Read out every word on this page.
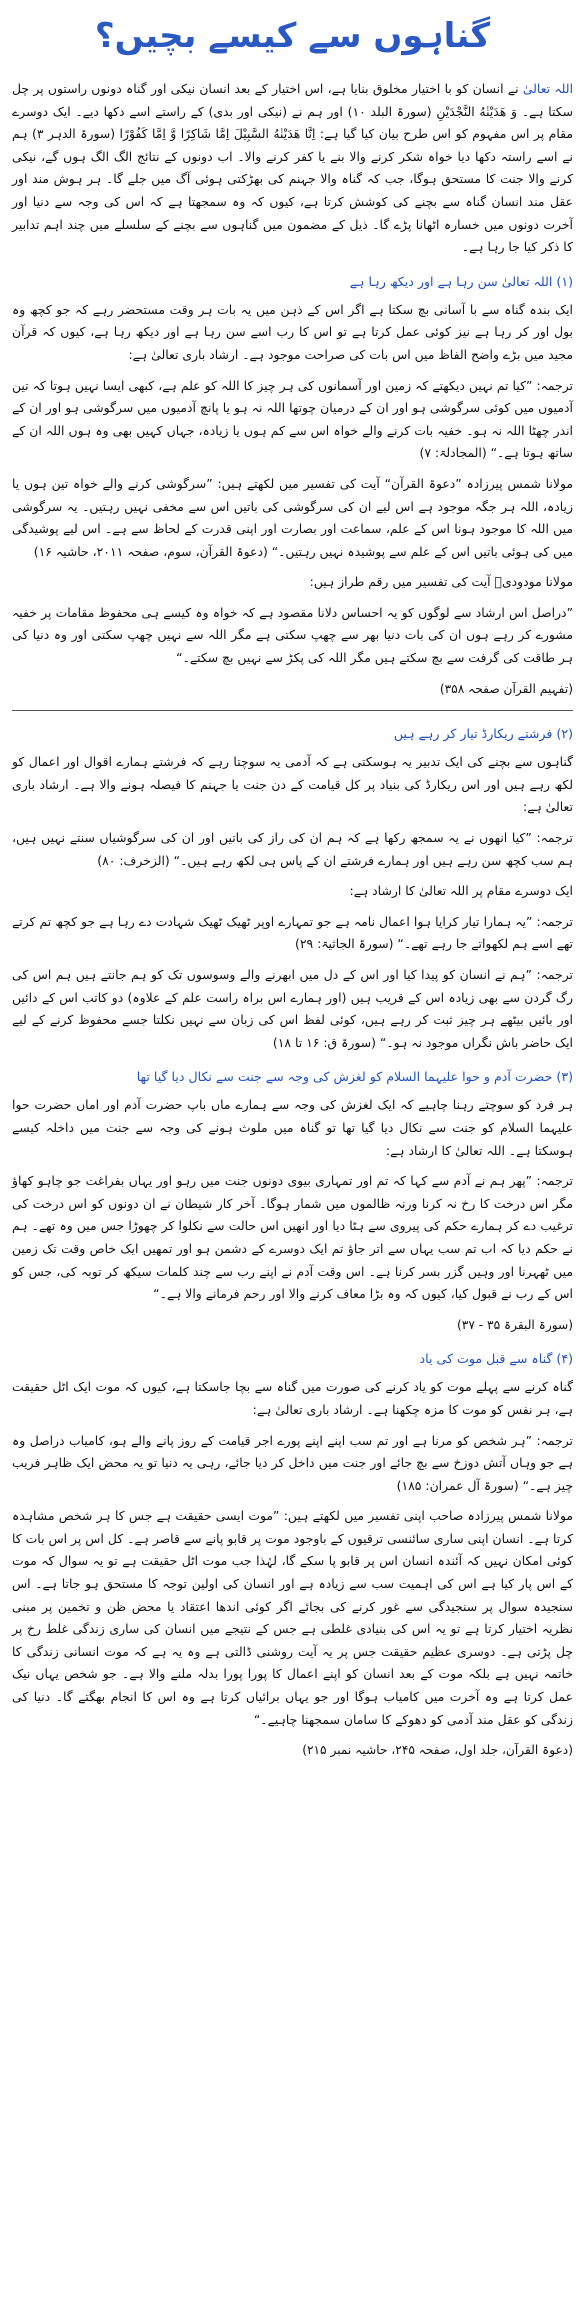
گناہوں سے کیسے بچیں؟

اللہ تعالیٰ نے انسان کو با اختیار مخلوق بنایا ہے، اس اختیار کے بعد انسان نیکی اور گناہ دونوں راستوں پر چل سکتا ہے۔ وَ هَدَیْنٰهُ النَّجْدَیْنِ (سورۃ البلد ۱۰) اور ہم نے (نیکی اور بدی) کے راستے اسے دکھا دیے۔ ایک دوسرے مقام پر اس مفہوم کو اس طرح بیان کیا گیا ہے: اِنَّا هَدَیْنٰهُ السَّبِیْلَ اِمَّا شَاكِرًا وَّ اِمَّا كَفُوْرًا (سورۃ الدہر ۳) ہم نے اسے راستہ دکھا دیا خواہ شکر کرنے والا بنے یا کفر کرنے والا۔ اب دونوں کے نتائج الگ الگ ہوں گے، نیکی کرنے والا جنت کا مستحق ہوگا، جب کہ گناہ والا جہنم کی بھڑکتی ہوئی آگ میں جلے گا۔ ہر ہوش مند اور عقل مند انسان گناہ سے بچنے کی کوشش کرتا ہے، کیوں کہ وہ سمجھتا ہے کہ اس کی وجہ سے دنیا اور آخرت دونوں میں خسارہ اٹھانا پڑے گا۔ ذیل کے مضمون میں گناہوں سے بچنے کے سلسلے میں چند اہم تدابیر کا ذکر کیا جا رہا ہے۔

(۱) اللہ تعالیٰ سن رہا ہے اور دیکھ رہا ہے

ایک بندہ گناہ سے با آسانی بچ سکتا ہے اگر اس کے ذہن میں یہ بات ہر وقت مستحضر رہے کہ جو کچھ وہ بول اور کر رہا ہے نیز کوئی عمل کرتا ہے تو اس کا رب اسے سن رہا ہے اور دیکھ رہا ہے، کیوں کہ قرآن مجید میں بڑے واضح الفاظ میں اس بات کی صراحت موجود ہے۔ ارشاد باری تعالیٰ ہے:

ترجمہ: ”کیا تم نہیں دیکھتے کہ زمین اور آسمانوں کی ہر چیز کا اللہ کو علم ہے، کبھی ایسا نہیں ہوتا کہ تین آدمیوں میں کوئی سرگوشی ہو اور ان کے درمیان چوتھا اللہ نہ ہو یا پانچ آدمیوں میں سرگوشی ہو اور ان کے اندر چھٹا اللہ نہ ہو۔ خفیہ بات کرنے والے خواہ اس سے کم ہوں یا زیادہ، جہاں کہیں بھی وہ ہوں اللہ ان کے ساتھ ہوتا ہے۔“ (المجادلۃ: ۷)

مولانا شمس پیرزادہ ”دعوۃ القرآن“ آیت کی تفسیر میں لکھتے ہیں: ”سرگوشی کرنے والے خواہ تین ہوں یا زیادہ، اللہ ہر جگہ موجود ہے اس لیے ان کی سرگوشی کی باتیں اس سے مخفی نہیں رہتیں۔ یہ سرگوشی میں اللہ کا موجود ہونا اس کے علم، سماعت اور بصارت اور اپنی قدرت کے لحاظ سے ہے۔ اس لیے پوشیدگی میں کی ہوئی باتیں اس کے علم سے پوشیدہ نہیں رہتیں۔“ (دعوۃ القرآن، سوم، صفحہ ۲۰۱۱، حاشیہ ۱۶)

مولانا مودودیؒ آیت کی تفسیر میں رقم طراز ہیں:

”دراصل اس ارشاد سے لوگوں کو یہ احساس دلانا مقصود ہے کہ خواہ وہ کیسے ہی محفوظ مقامات پر خفیہ مشورے کر رہے ہوں ان کی بات دنیا بھر سے چھپ سکتی ہے مگر اللہ سے نہیں چھپ سکتی اور وہ دنیا کی ہر طاقت کی گرفت سے بچ سکتے ہیں مگر اللہ کی پکڑ سے نہیں بچ سکتے۔“

(تفہیم القرآن صفحہ ۳۵۸)

(۲) فرشتے ریکارڈ تیار کر رہے ہیں

گناہوں سے بچنے کی ایک تدبیر یہ ہوسکتی ہے کہ آدمی یہ سوچتا رہے کہ فرشتے ہمارے اقوال اور اعمال کو لکھ رہے ہیں اور اس ریکارڈ کی بنیاد پر کل قیامت کے دن جنت یا جہنم کا فیصلہ ہونے والا ہے۔ ارشاد باری تعالیٰ ہے:

ترجمہ: ”کیا انھوں نے یہ سمجھ رکھا ہے کہ ہم ان کی راز کی باتیں اور ان کی سرگوشیاں سنتے نہیں ہیں، ہم سب کچھ سن رہے ہیں اور ہمارے فرشتے ان کے پاس ہی لکھ رہے ہیں۔“ (الزخرف: ۸۰)

ایک دوسرے مقام پر اللہ تعالیٰ کا ارشاد ہے:

ترجمہ: ”یہ ہمارا تیار کرایا ہوا اعمال نامہ ہے جو تمہارے اوپر ٹھیک ٹھیک شہادت دے رہا ہے جو کچھ تم کرتے تھے اسے ہم لکھواتے جا رہے تھے۔“ (سورۃ الجاثیۃ: ۲۹)

ترجمہ: ”ہم نے انسان کو پیدا کیا اور اس کے دل میں ابھرنے والے وسوسوں تک کو ہم جانتے ہیں ہم اس کی رگ گردن سے بھی زیادہ اس کے قریب ہیں (اور ہمارے اس براہ راست علم کے علاوہ) دو کاتب اس کے دائیں اور بائیں بیٹھے ہر چیز ثبت کر رہے ہیں، کوئی لفظ اس کی زبان سے نہیں نکلتا جسے محفوظ کرنے کے لیے ایک حاضر باش نگراں موجود نہ ہو۔“ (سورۃ ق: ۱۶ تا ۱۸)

(۳) حضرت آدم و حوا علیہما السلام کو لغزش کی وجہ سے جنت سے نکال دیا گیا تھا

ہر فرد کو سوچتے رہنا چاہیے کہ ایک لغزش کی وجہ سے ہمارے ماں باپ حضرت آدم اور اماں حضرت حوا علیہما السلام کو جنت سے نکال دیا گیا تھا تو گناہ میں ملوث ہونے کی وجہ سے جنت میں داخلہ کیسے ہوسکتا ہے۔ اللہ تعالیٰ کا ارشاد ہے:

ترجمہ: ”پھر ہم نے آدم سے کہا کہ تم اور تمہاری بیوی دونوں جنت میں رہو اور یہاں بفراغت جو چاہو کھاؤ مگر اس درخت کا رخ نہ کرنا ورنہ ظالموں میں شمار ہوگا۔ آخر کار شیطان نے ان دونوں کو اس درخت کی ترغیب دے کر ہمارے حکم کی پیروی سے ہٹا دیا اور انھیں اس حالت سے نکلوا کر چھوڑا جس میں وہ تھے۔ ہم نے حکم دیا کہ اب تم سب یہاں سے اتر جاؤ تم ایک دوسرے کے دشمن ہو اور تمھیں ایک خاص وقت تک زمین میں ٹھہرنا اور وہیں گزر بسر کرنا ہے۔ اس وقت آدم نے اپنے رب سے چند کلمات سیکھ کر توبہ کی، جس کو اس کے رب نے قبول کیا، کیوں کہ وہ بڑا معاف کرنے والا اور رحم فرمانے والا ہے۔“

(سورۃ البقرۃ ۳۵ - ۳۷)

(۴) گناہ سے قبل موت کی یاد

گناہ کرنے سے پہلے موت کو یاد کرنے کی صورت میں گناہ سے بچا جاسکتا ہے، کیوں کہ موت ایک اٹل حقیقت ہے، ہر نفس کو موت کا مزہ چکھنا ہے۔ ارشاد باری تعالیٰ ہے:

ترجمہ: ”ہر شخص کو مرنا ہے اور تم سب اپنے اپنے پورے اجر قیامت کے روز پانے والے ہو، کامیاب دراصل وہ ہے جو وہاں آتش دوزخ سے بچ جائے اور جنت میں داخل کر دیا جائے، رہی یہ دنیا تو یہ محض ایک ظاہر فریب چیز ہے۔“ (سورۃ آل عمران: ۱۸۵)

مولانا شمس پیرزادہ صاحب اپنی تفسیر میں لکھتے ہیں: ”موت ایسی حقیقت ہے جس کا ہر شخص مشاہدہ کرتا ہے۔ انسان اپنی ساری سائنسی ترقیوں کے باوجود موت پر قابو پانے سے قاصر ہے۔ کل اس پر اس بات کا کوئی امکان نہیں کہ آئندہ انسان اس پر قابو پا سکے گا، لہٰذا جب موت اٹل حقیقت ہے تو یہ سوال کہ موت کے اس پار کیا ہے اس کی اہمیت سب سے زیادہ ہے اور انسان کی اولین توجہ کا مستحق ہو جاتا ہے۔ اس سنجیدہ سوال پر سنجیدگی سے غور کرنے کی بجائے اگر کوئی اندھا اعتقاد یا محض ظن و تخمین پر مبنی نظریہ اختیار کرتا ہے تو یہ اس کی بنیادی غلطی ہے جس کے نتیجے میں انسان کی ساری زندگی غلط رخ پر چل پڑتی ہے۔ دوسری عظیم حقیقت جس پر یہ آیت روشنی ڈالتی ہے وہ یہ ہے کہ موت انسانی زندگی کا خاتمہ نہیں ہے بلکہ موت کے بعد انسان کو اپنے اعمال کا پورا پورا بدلہ ملنے والا ہے۔ جو شخص یہاں نیک عمل کرتا ہے وہ آخرت میں کامیاب ہوگا اور جو یہاں برائیاں کرتا ہے وہ اس کا انجام بھگتے گا۔ دنیا کی زندگی کو عقل مند آدمی کو دھوکے کا سامان سمجھنا چاہیے۔“

(دعوۃ القرآن، جلد اول، صفحہ ۲۴۵، حاشیہ نمبر ۲۱۵)
